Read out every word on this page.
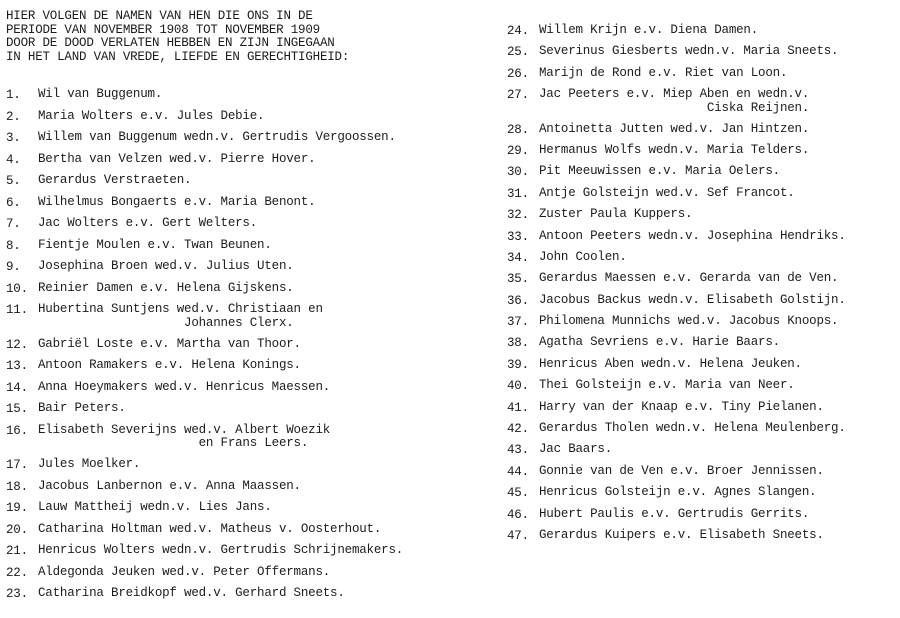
HIER VOLGEN DE NAMEN VAN HEN DIE ONS IN DE
PERIODE VAN NOVEMBER 1908 TOT NOVEMBER 1909
DOOR DE DOOD VERLATEN HEBBEN EN ZIJN INGEGAAN
IN HET LAND VAN VREDE, LIEFDE EN GERECHTIGHEID:
1.	Wil van Buggenum.
2.	Maria Wolters e.v. Jules Debie.
3.	Willem van Buggenum wedn.v. Gertrudis Vergoossen.
4.	Bertha van Velzen wed.v. Pierre Hover.
5.	Gerardus Verstraeten.
6.	Wilhelmus Bongaerts e.v. Maria Benont.
7.	Jac Wolters e.v. Gert Welters.
8.	Fientje Moulen e.v. Twan Beunen.
9.	Josephina Broen wed.v. Julius Uten.
10. Reinier Damen e.v. Helena Gijskens.
11. Hubertina Suntjens wed.v. Christiaan en
Johannes Clerx.
12. Gabriël Loste e.v. Martha van Thoor.
13. Antoon Ramakers e.v. Helena Konings.
14. Anna Hoeymakers wed.v. Henricus Maessen.
15. Bair Peters.
16. Elisabeth Severijns wed.v. Albert Woezik
en Frans Leers.
17. Jules Moelker.
18. Jacobus Lanbernon e.v. Anna Maassen.
19. Lauw Mattheij wedn.v. Lies Jans.
20. Catharina Holtman wed.v. Matheus v. Oosterhout.
21. Henricus Wolters wedn.v. Gertrudis Schrijnemakers.
22. Aldegonda Jeuken wed.v. Peter Offermans.
23. Catharina Breidkopf wed.v. Gerhard Sneets.
24. Willem Krijn e.v. Diena Damen.
25. Severinus Giesberts wedn.v. Maria Sneets.
26. Marijn de Rond e.v. Riet van Loon.
27. Jac Peeters e.v. Miep Aben en wedn.v.
Ciska Reijnen.
28. Antoinetta Jutten wed.v. Jan Hintzen.
29. Hermanus Wolfs wedn.v. Maria Telders.
30. Pit Meeuwissen e.v. Maria Oelers.
31. Antje Golsteijn wed.v. Sef Francot.
32. Zuster Paula Kuppers.
33. Antoon Peeters wedn.v. Josephina Hendriks.
34. John Coolen.
35. Gerardus Maessen e.v. Gerarda van de Ven.
36. Jacobus Backus wedn.v. Elisabeth Golstijn.
37. Philomena Munnichs wed.v. Jacobus Knoops.
38. Agatha Sevriens e.v. Harie Baars.
39. Henricus Aben wedn.v. Helena Jeuken.
40. Thei Golsteijn e.v. Maria van Neer.
41. Harry van der Knaap e.v. Tiny Pielanen.
42. Gerardus Tholen wedn.v. Helena Meulenberg.
43. Jac Baars.
44. Gonnie van de Ven e.v. Broer Jennissen.
45. Henricus Golsteijn e.v. Agnes Slangen.
46. Hubert Paulis e.v. Gertrudis Gerrits.
47. Gerardus Kuipers e.v. Elisabeth Sneets.
